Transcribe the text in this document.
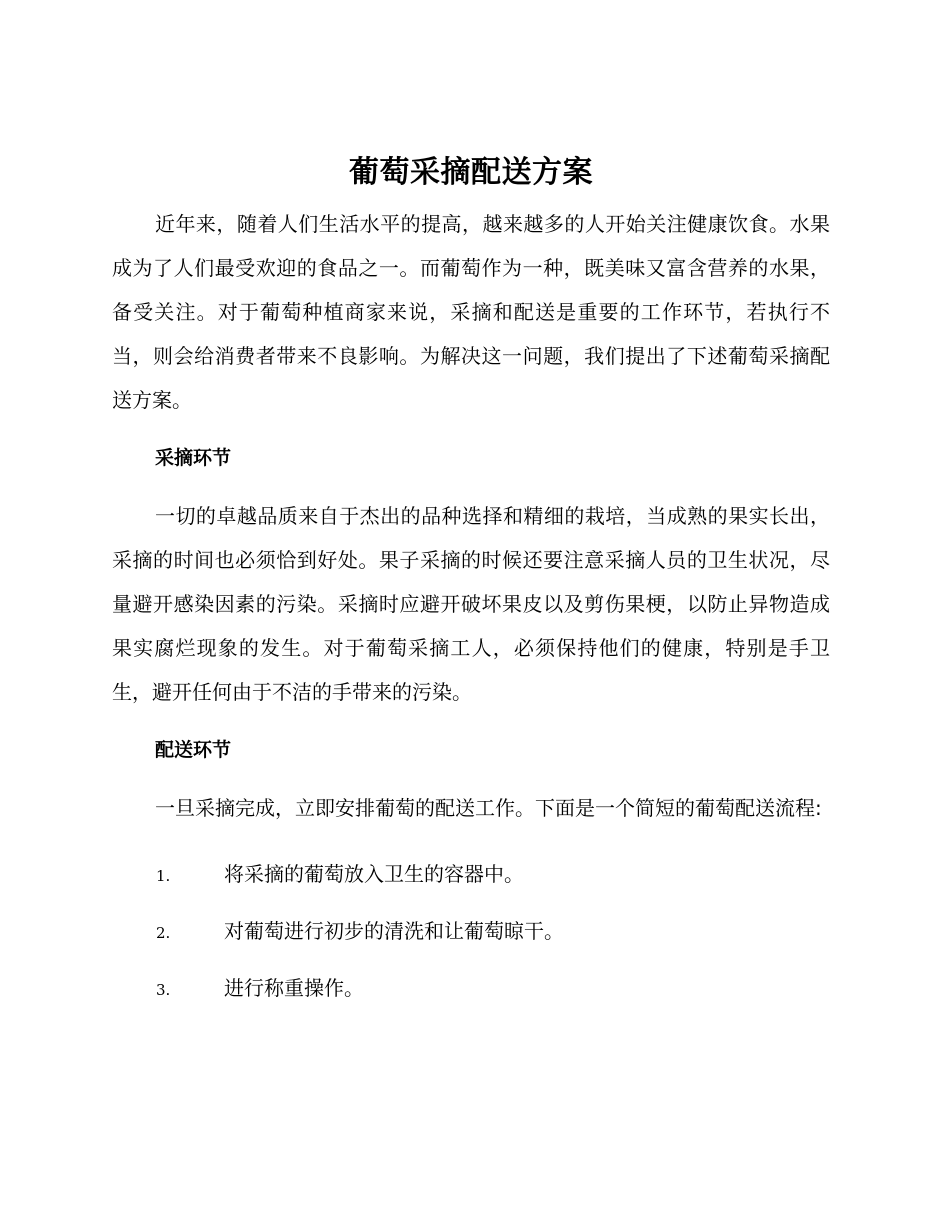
葡萄采摘配送方案

近年来，随着人们生活水平的提高，越来越多的人开始关注健康饮食。水果成为了人们最受欢迎的食品之一。而葡萄作为一种，既美味又富含营养的水果，备受关注。对于葡萄种植商家来说，采摘和配送是重要的工作环节，若执行不当，则会给消费者带来不良影响。为解决这一问题，我们提出了下述葡萄采摘配送方案。

采摘环节

一切的卓越品质来自于杰出的品种选择和精细的栽培，当成熟的果实长出，采摘的时间也必须恰到好处。果子采摘的时候还要注意采摘人员的卫生状况，尽量避开感染因素的污染。采摘时应避开破坏果皮以及剪伤果梗，以防止异物造成果实腐烂现象的发生。对于葡萄采摘工人，必须保持他们的健康，特别是手卫生，避开任何由于不洁的手带来的污染。

配送环节

一旦采摘完成，立即安排葡萄的配送工作。下面是一个简短的葡萄配送流程:

1.	将采摘的葡萄放入卫生的容器中。
2.	对葡萄进行初步的清洗和让葡萄晾干。
3.	进行称重操作。
